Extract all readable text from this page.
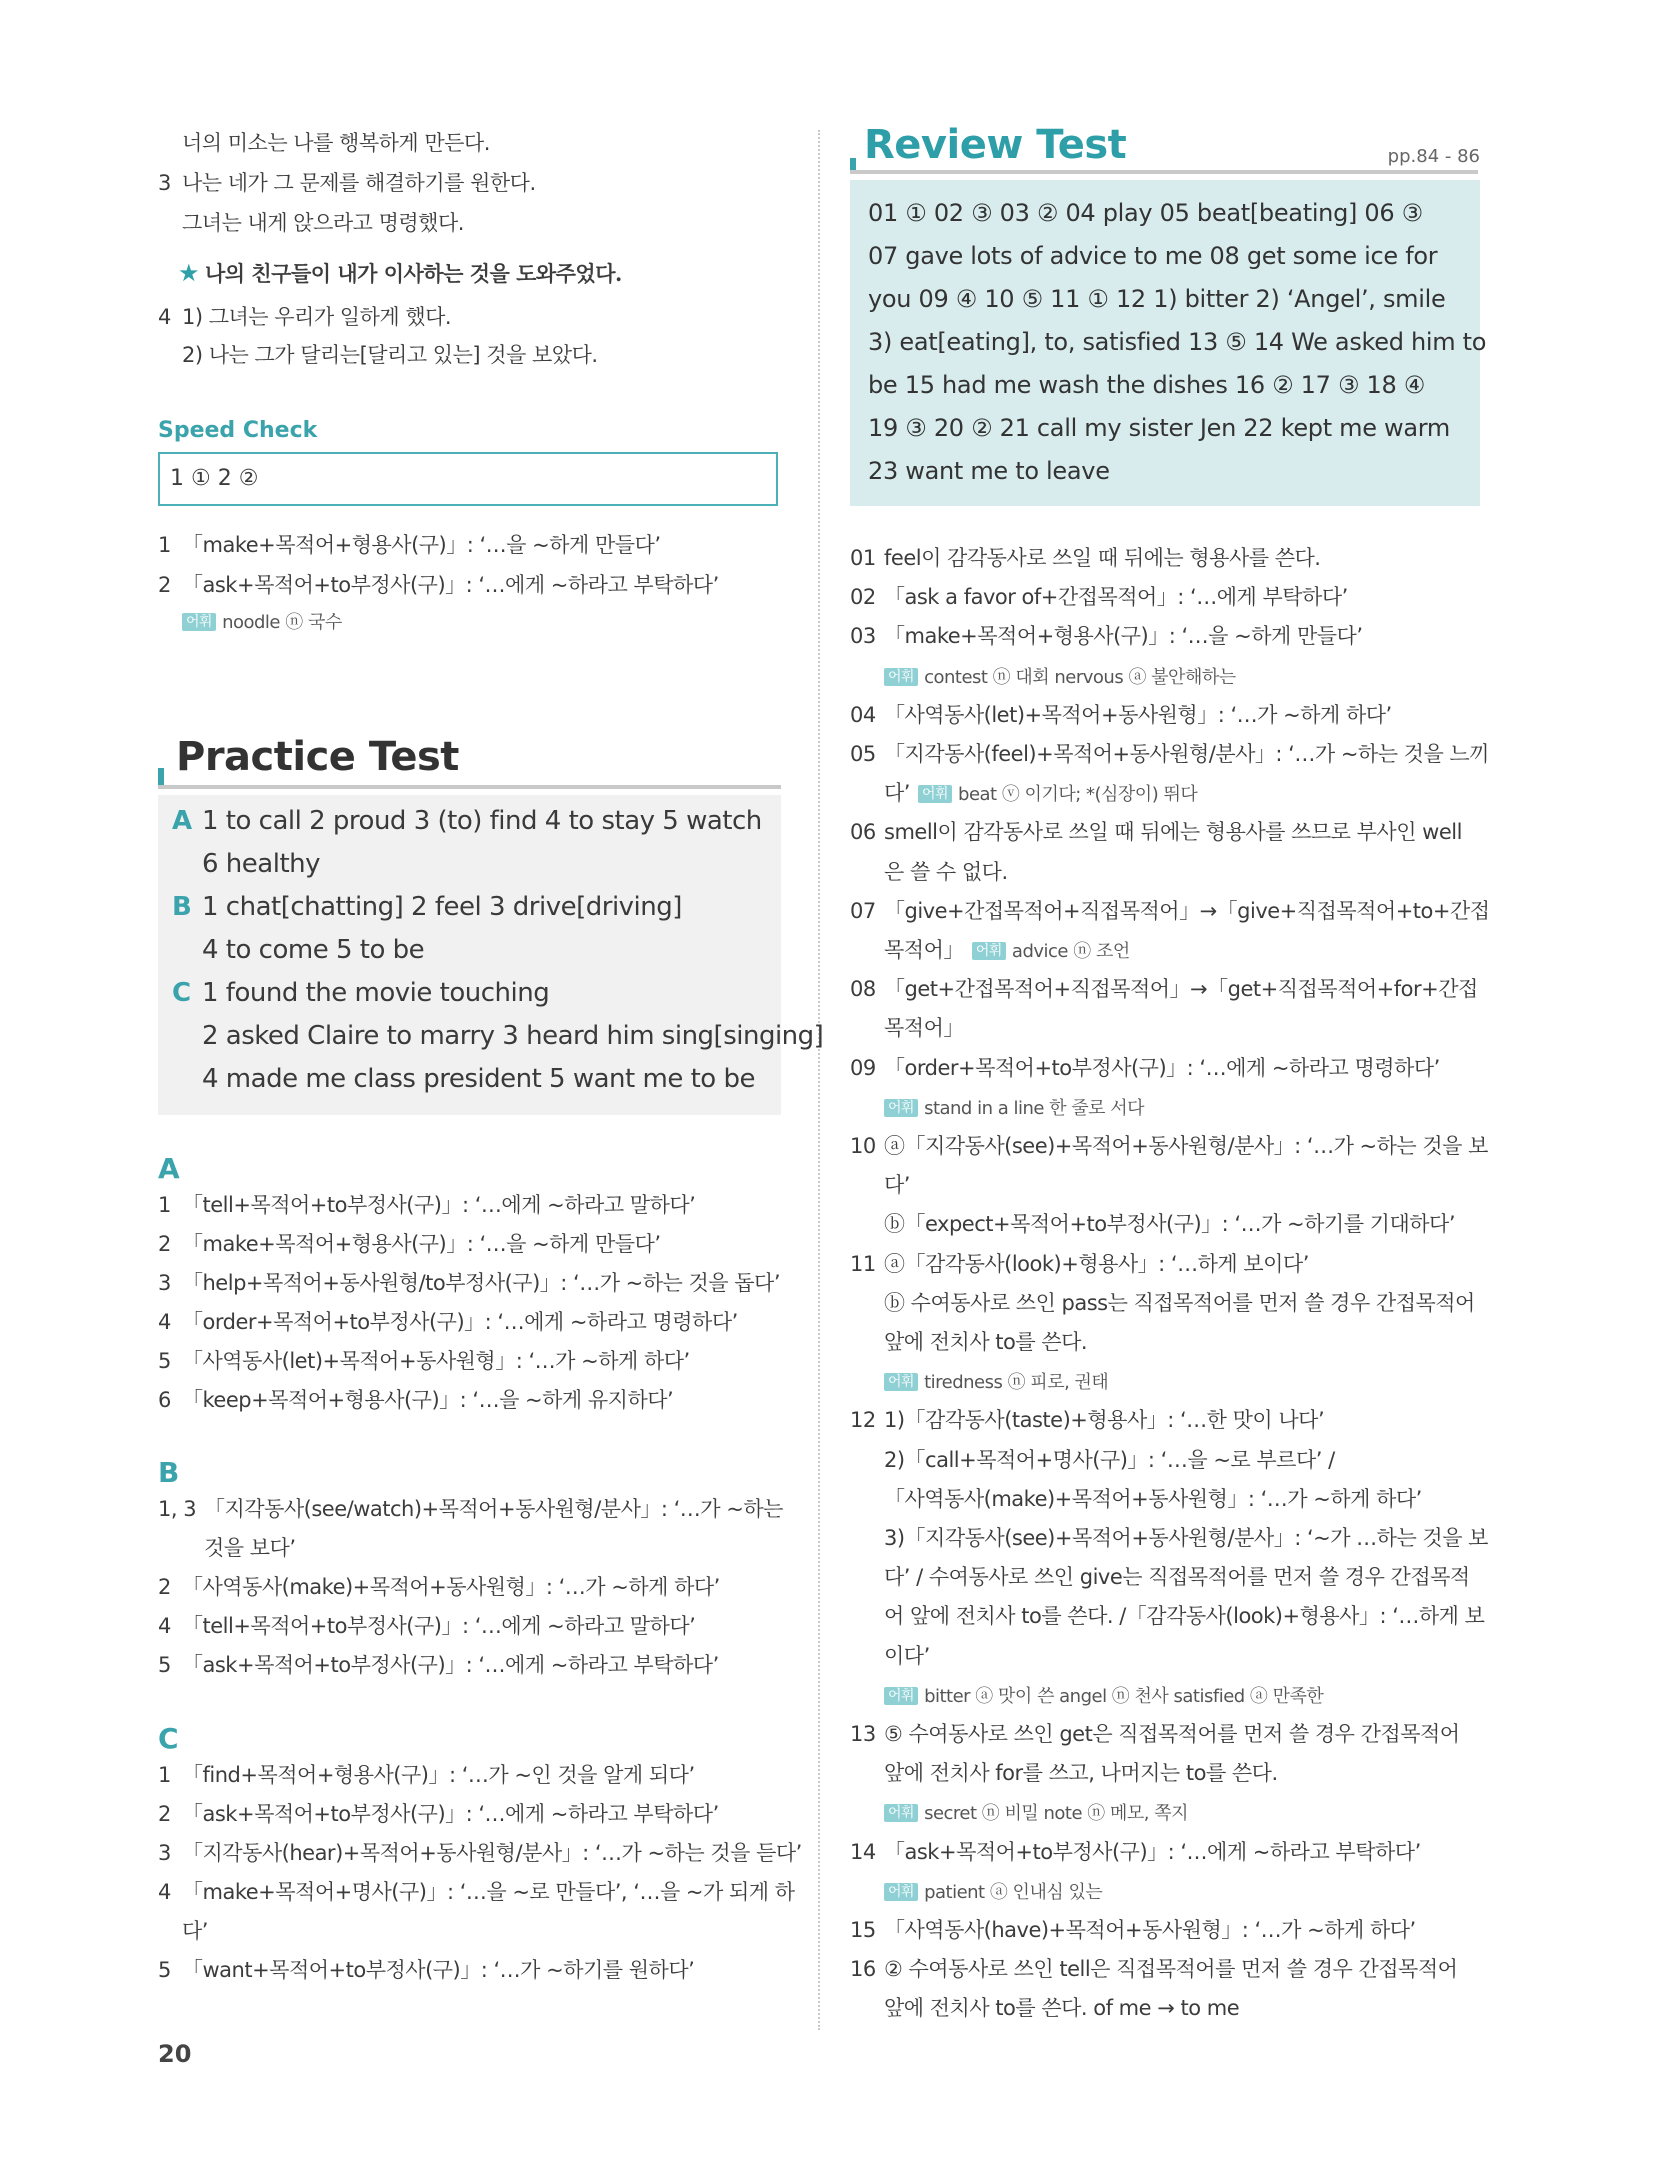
너의 미소는 나를 행복하게 만든다.
3 나는 네가 그 문제를 해결하기를 원한다.
그녀는 내게 앉으라고 명령했다.
★ 나의 친구들이 내가 이사하는 것을 도와주었다.
4 1) 그녀는 우리가 일하게 했다.
2) 나는 그가 달리는[달리고 있는] 것을 보았다.
Speed Check
1 ① 2 ②
1 「make+목적어+형용사(구)」: ‘…을 ~하게 만들다’
2 「ask+목적어+to부정사(구)」: ‘…에게 ~하라고 부탁하다’
어휘 noodle ⓝ 국수
Practice Test
A 1 to call 2 proud 3 (to) find 4 to stay 5 watch
6 healthy
B 1 chat[chatting] 2 feel 3 drive[driving]
4 to come 5 to be
C 1 found the movie touching
2 asked Claire to marry 3 heard him sing[singing]
4 made me class president 5 want me to be
A
1 「tell+목적어+to부정사(구)」: ‘…에게 ~하라고 말하다’
2 「make+목적어+형용사(구)」: ‘…을 ~하게 만들다’
3 「help+목적어+동사원형/to부정사(구)」: ‘…가 ~하는 것을 돕다’
4 「order+목적어+to부정사(구)」: ‘…에게 ~하라고 명령하다’
5 「사역동사(let)+목적어+동사원형」: ‘…가 ~하게 하다’
6 「keep+목적어+형용사(구)」: ‘…을 ~하게 유지하다’
B
1, 3 「지각동사(see/watch)+목적어+동사원형/분사」: ‘…가 ~하는
것을 보다’
2 「사역동사(make)+목적어+동사원형」: ‘…가 ~하게 하다’
4 「tell+목적어+to부정사(구)」: ‘…에게 ~하라고 말하다’
5 「ask+목적어+to부정사(구)」: ‘…에게 ~하라고 부탁하다’
C
1 「find+목적어+형용사(구)」: ‘…가 ~인 것을 알게 되다’
2 「ask+목적어+to부정사(구)」: ‘…에게 ~하라고 부탁하다’
3 「지각동사(hear)+목적어+동사원형/분사」: ‘…가 ~하는 것을 듣다’
4 「make+목적어+명사(구)」: ‘…을 ~로 만들다’, ‘…을 ~가 되게 하
다’
5 「want+목적어+to부정사(구)」: ‘…가 ~하기를 원하다’
20
Review Test	pp.84 - 86
01 ① 02 ③ 03 ② 04 play 05 beat[beating] 06 ③
07 gave lots of advice to me 08 get some ice for
you 09 ④ 10 ⑤ 11 ① 12 1) bitter 2) ‘Angel’, smile
3) eat[eating], to, satisfied 13 ⑤ 14 We asked him to
be 15 had me wash the dishes 16 ② 17 ③ 18 ④
19 ③ 20 ② 21 call my sister Jen 22 kept me warm
23 want me to leave
01 feel이 감각동사로 쓰일 때 뒤에는 형용사를 쓴다.
02 「ask a favor of+간접목적어」: ‘…에게 부탁하다’
03 「make+목적어+형용사(구)」: ‘…을 ~하게 만들다’
어휘 contest ⓝ 대회 nervous ⓐ 불안해하는
04 「사역동사(let)+목적어+동사원형」: ‘…가 ~하게 하다’
05 「지각동사(feel)+목적어+동사원형/분사」: ‘…가 ~하는 것을 느끼
다’ 어휘 beat ⓥ 이기다; *(심장이) 뛰다
06 smell이 감각동사로 쓰일 때 뒤에는 형용사를 쓰므로 부사인 well
은 쓸 수 없다.
07 「give+간접목적어+직접목적어」→「give+직접목적어+to+간접
목적어」 어휘 advice ⓝ 조언
08 「get+간접목적어+직접목적어」→「get+직접목적어+for+간접
목적어」
09 「order+목적어+to부정사(구)」: ‘…에게 ~하라고 명령하다’
어휘 stand in a line 한 줄로 서다
10 ⓐ「지각동사(see)+목적어+동사원형/분사」: ‘…가 ~하는 것을 보
다’
ⓑ「expect+목적어+to부정사(구)」: ‘…가 ~하기를 기대하다’
11 ⓐ「감각동사(look)+형용사」: ‘…하게 보이다’
ⓑ 수여동사로 쓰인 pass는 직접목적어를 먼저 쓸 경우 간접목적어
앞에 전치사 to를 쓴다.
어휘 tiredness ⓝ 피로, 권태
12 1)「감각동사(taste)+형용사」: ‘…한 맛이 나다’
2)「call+목적어+명사(구)」: ‘…을 ~로 부르다’ /
「사역동사(make)+목적어+동사원형」: ‘…가 ~하게 하다’
3)「지각동사(see)+목적어+동사원형/분사」: ‘~가 …하는 것을 보
다’ / 수여동사로 쓰인 give는 직접목적어를 먼저 쓸 경우 간접목적
어 앞에 전치사 to를 쓴다. /「감각동사(look)+형용사」: ‘…하게 보
이다’
어휘 bitter ⓐ 맛이 쓴 angel ⓝ 천사 satisfied ⓐ 만족한
13 ⑤ 수여동사로 쓰인 get은 직접목적어를 먼저 쓸 경우 간접목적어
앞에 전치사 for를 쓰고, 나머지는 to를 쓴다.
어휘 secret ⓝ 비밀 note ⓝ 메모, 쪽지
14 「ask+목적어+to부정사(구)」: ‘…에게 ~하라고 부탁하다’
어휘 patient ⓐ 인내심 있는
15 「사역동사(have)+목적어+동사원형」: ‘…가 ~하게 하다’
16 ② 수여동사로 쓰인 tell은 직접목적어를 먼저 쓸 경우 간접목적어
앞에 전치사 to를 쓴다. of me → to me
